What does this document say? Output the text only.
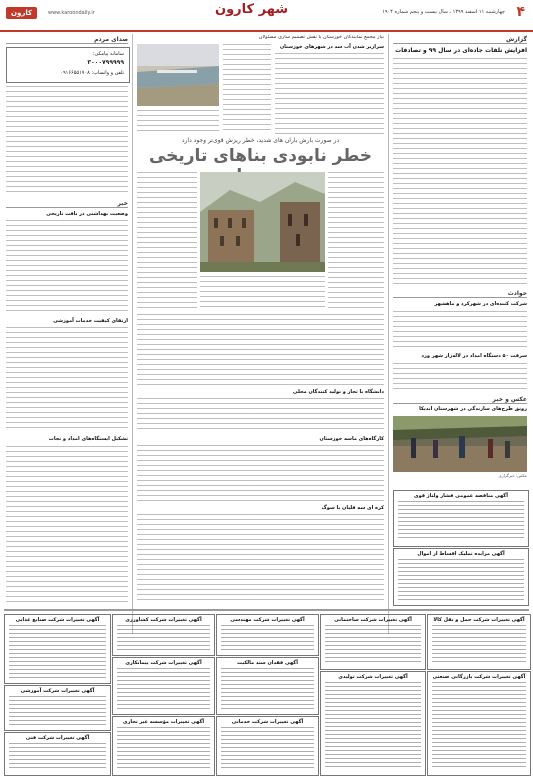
۴
چهارشنبه ۱۱ اسفند ۱۳۹۹ ـ سال بیست و پنجم شماره ۱۹۰۴
شهر کارون
کارون	www.karoondaily.ir
گزارش
افزایش تلفات جاده‌ای در سال ۹۹ و تصادفات
حوادث
شرکت کننده‌ای در شهرکرد و ماهشهر
سرقت ۵۰ دستگاه امداد در لاله‌زار شهر ورد
عکس و خبر
رونق طرح‌های سازندگی در شهرستان اندیکا
عکس: خبرگزاری
صدای مردم
سامانه پیامکی:
۳۰۰۰۷۹۹۹۹۹
تلفن و واتساپ: ۰۹۱۶۶۵۵۱۷۰۸
خبر
وضعیت بهداشتی در بافت تاریخی
ارتقای کیفیت خدمات آموزشی
تشکیل ایستگاه‌های امداد و نجات
نیاز مجمع نمایندگان خوزستان با نقش تصمیم سازی مسئولان
سرازیر شدن آب سد در شهرهای خوزستان
در صورت بارش باران های شدید، خطر ریزش قوی‌تر وجود دارد
خطر نابودی بناهای تاریخی
دانشگاه با تجار و تولید کنندگان محلی
کارگاه‌های ماسه خوزستان
کره ای سه قلیان با سوگ
آگهی مناقصه عمومی فشار ولتاژ قوی
آگهی مزایده تملیک اقساط از اموال
آگهی تغییرات شرکت حمل و نقل کالا
آگهی تغییرات شرکت بازرگانی صنعتی
آگهی تغییرات شرکت ساختمانی
آگهی تغییرات شرکت تولیدی
آگهی تغییرات شرکت مهندسی
آگهی فقدان سند مالکیت
آگهی تغییرات شرکت خدماتی
آگهی تغییرات شرکت کشاورزی
آگهی تغییرات شرکت پیمانکاری
آگهی تغییرات مؤسسه غیر تجاری
آگهی تغییرات شرکت صنایع غذایی
آگهی تغییرات شرکت آموزشی
آگهی تغییرات شرکت فنی
